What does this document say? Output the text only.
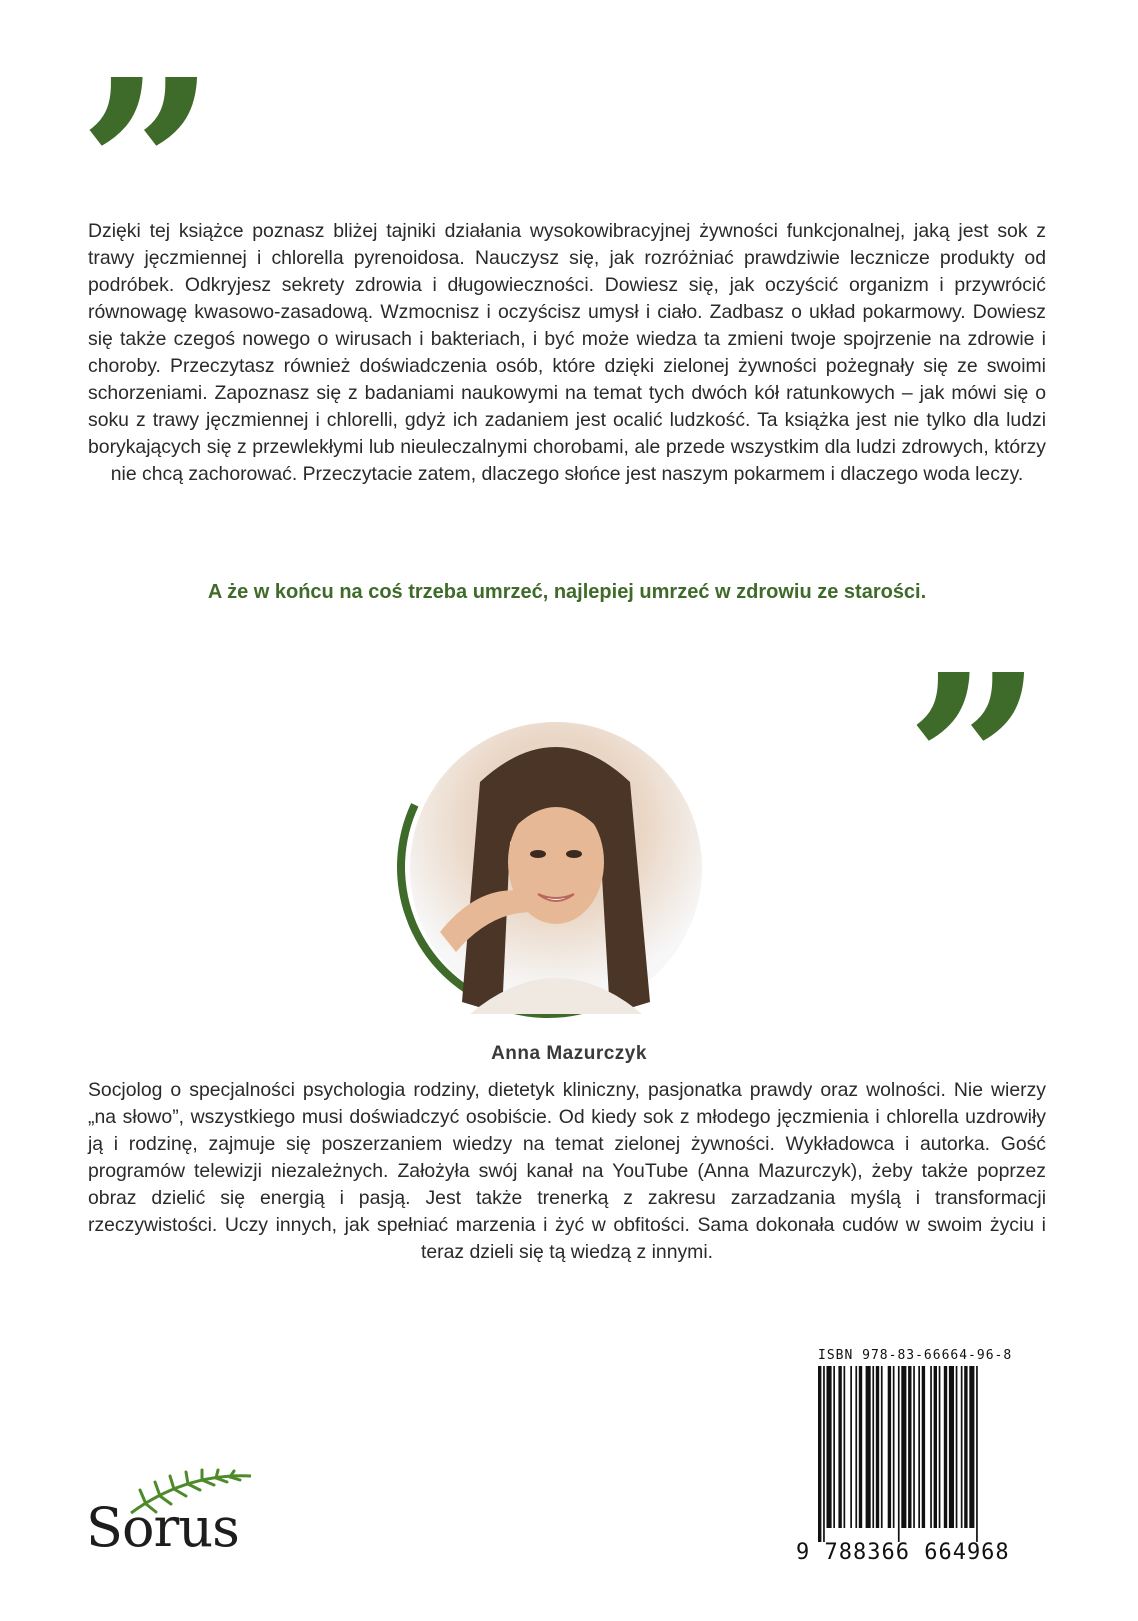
”

Dzięki tej książce poznasz bliżej tajniki działania wysokowibracyjnej żywności funkcjonalnej, jaką jest sok z trawy jęczmiennej i chlorella pyrenoidosa. Nauczysz się, jak rozróżniać prawdziwie lecznicze produkty od podróbek. Odkryjesz sekrety zdrowia i długowieczności. Dowiesz się, jak oczyścić organizm i przywrócić równowagę kwasowo-zasadową. Wzmocnisz i oczyścisz umysł i ciało. Zadbasz o układ pokarmowy. Dowiesz się także czegoś nowego o wirusach i bakteriach, i być może wiedza ta zmieni twoje spojrzenie na zdrowie i choroby. Przeczytasz również doświadczenia osób, które dzięki zielonej żywności pożegnały się ze swoimi schorzeniami. Zapoznasz się z badaniami naukowymi na temat tych dwóch kół ratunkowych – jak mówi się o soku z trawy jęczmiennej i chlorelli, gdyż ich zadaniem jest ocalić ludzkość. Ta książka jest nie tylko dla ludzi borykających się z przewlekłymi lub nieuleczalnymi chorobami, ale przede wszystkim dla ludzi zdrowych, którzy nie chcą zachorować. Przeczytacie zatem, dlaczego słońce jest naszym pokarmem i dlaczego woda leczy.

A że w końcu na coś trzeba umrzeć, najlepiej umrzeć w zdrowiu ze starości.

”

Anna Mazurczyk

Socjolog o specjalności psychologia rodziny, dietetyk kliniczny, pasjonatka prawdy oraz wolności. Nie wierzy „na słowo”, wszystkiego musi doświadczyć osobiście. Od kiedy sok z młodego jęczmienia i chlorella uzdrowiły ją i rodzinę, zajmuje się poszerzaniem wiedzy na temat zielonej żywności. Wykładowca i autorka. Gość programów telewizji niezależnych. Założyła swój kanał na YouTube (Anna Mazurczyk), żeby także poprzez obraz dzielić się energią i pasją. Jest także trenerką z zakresu zarzadzania myślą i transformacji rzeczywistości. Uczy innych, jak spełniać marzenia i żyć w obfitości. Sama dokonała cudów w swoim życiu i teraz dzieli się tą wiedzą z innymi.

Sorus
ISBN 978-83-66664-96-8
9 788366 664968
